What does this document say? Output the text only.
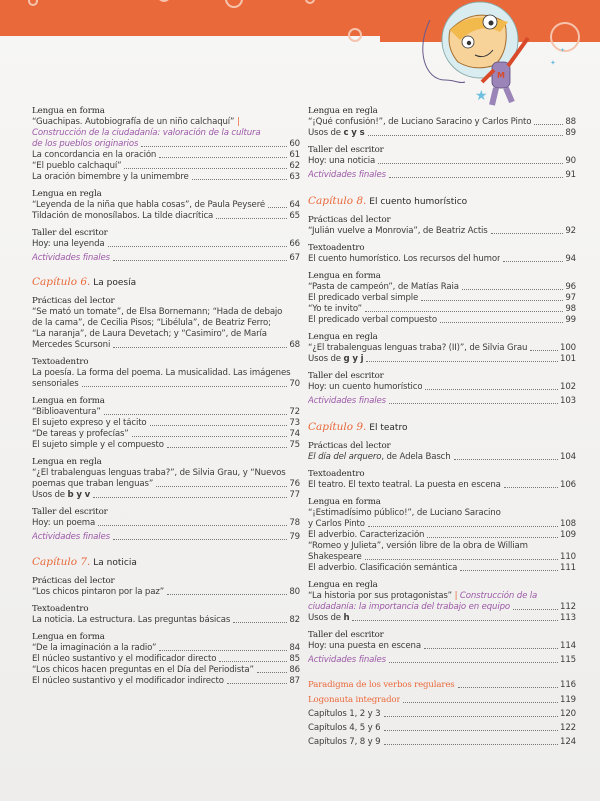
M
★
✦
✦
Lengua en forma
“Guachipas. Autobiografía de un niño calchaquí” |
Construcción de la ciudadanía: valoración de la cultura
de los pueblos originarios	60
La concordancia en la oración	61
“El pueblo calchaquí”	62
La oración bimembre y la unimembre	63
Lengua en regla
“Leyenda de la niña que habla cosas”, de Paula Peyseré	64
Tildación de monosílabos. La tilde diacrítica	65
Taller del escritor
Hoy: una leyenda	66
Actividades finales	67
Capítulo 6. La poesía
Prácticas del lector
“Se mató un tomate”, de Elsa Bornemann; “Hada de debajo
de la cama”, de Cecilia Pisos; “Libélula”, de Beatriz Ferro;
“La naranja”, de Laura Devetach; y “Casimiro”, de María
Mercedes Scursoni	68
Textoadentro
La poesía. La forma del poema. La musicalidad. Las imágenes
sensoriales	70
Lengua en forma
“Biblioaventura”	72
El sujeto expreso y el tácito	73
“De tareas y profecías”	74
El sujeto simple y el compuesto	75
Lengua en regla
“¿El trabalenguas lenguas traba?”, de Silvia Grau, y “Nuevos
poemas que traban lenguas”	76
Usos de b y v	77
Taller del escritor
Hoy: un poema	78
Actividades finales	79
Capítulo 7. La noticia
Prácticas del lector
“Los chicos pintaron por la paz”	80
Textoadentro
La noticia. La estructura. Las preguntas básicas	82
Lengua en forma
“De la imaginación a la radio”	84
El núcleo sustantivo y el modificador directo	85
“Los chicos hacen preguntas en el Día del Periodista”	86
El núcleo sustantivo y el modificador indirecto	87
Lengua en regla
“¡Qué confusión!”, de Luciano Saracino y Carlos Pinto	88
Usos de c y s	89
Taller del escritor
Hoy: una noticia	90
Actividades finales	91
Capítulo 8. El cuento humorístico
Prácticas del lector
“Julián vuelve a Monrovia”, de Beatriz Actis	92
Textoadentro
El cuento humorístico. Los recursos del humor	94
Lengua en forma
“Pasta de campeón”, de Matías Raia	96
El predicado verbal simple	97
“Yo te invito”	98
El predicado verbal compuesto	99
Lengua en regla
“¿El trabalenguas lenguas traba? (II)”, de Silvia Grau	100
Usos de g y j	101
Taller del escritor
Hoy: un cuento humorístico	102
Actividades finales	103
Capítulo 9. El teatro
Prácticas del lector
El día del arquero, de Adela Basch	104
Textoadentro
El teatro. El texto teatral. La puesta en escena	106
Lengua en forma
“¡Estimadísimo público!”, de Luciano Saracino
y Carlos Pinto	108
El adverbio. Caracterización	109
“Romeo y Julieta”, versión libre de la obra de William
Shakespeare	110
El adverbio. Clasificación semántica	111
Lengua en regla
“La historia por sus protagonistas” | Construcción de la
ciudadanía: la importancia del trabajo en equipo	112
Usos de h	113
Taller del escritor
Hoy: una puesta en escena	114
Actividades finales	115
Paradigma de los verbos regulares	116
Logonauta integrador	119
Capítulos 1, 2 y 3	120
Capítulos 4, 5 y 6	122
Capítulos 7, 8 y 9	124
